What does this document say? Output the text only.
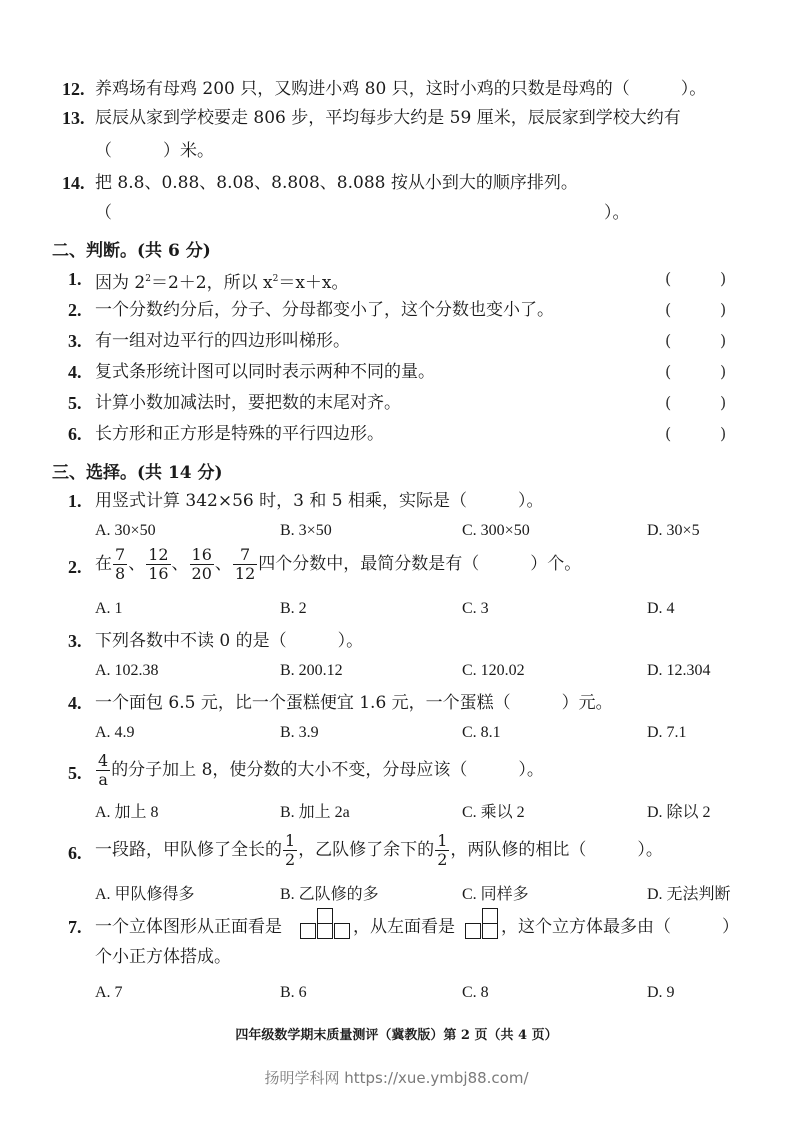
12. 养鸡场有母鸡 200 只，又购进小鸡 80 只，这时小鸡的只数是母鸡的（　　　）。
13. 辰辰从家到学校要走 806 步，平均每步大约是 59 厘米，辰辰家到学校大约有
（　　　）米。
14. 把 8.8、0.88、8.08、8.808、8.088 按从小到大的顺序排列。
（	）。
二、判断。(共 6 分)
1. 因为 $2^2=2+2$，所以 $x^2=x+x$。	(	)
2. 一个分数约分后，分子、分母都变小了，这个分数也变小了。	(	)
3. 有一组对边平行的四边形叫梯形。	(	)
4. 复式条形统计图可以同时表示两种不同的量。	(	)
5. 计算小数加减法时，要把数的末尾对齐。	(	)
6. 长方形和正方形是特殊的平行四边形。	(	)
三、选择。(共 14 分)
1. 用竖式计算 342×56 时，3 和 5 相乘，实际是（　　　）。
A. 30×50	B. 3×50	C. 300×50	D. 30×5
2. 在 $\frac{7}{8}$ 、 $\frac{12}{16}$ 、 $\frac{16}{20}$ 、 $\frac{7}{12}$ 四个分数中，最简分数是有（　　　）个。
A. 1	B. 2	C. 3	D. 4
3. 下列各数中不读 0 的是（　　　）。
A. 102.38	B. 200.12	C. 120.02	D. 12.304
4. 一个面包 6.5 元，比一个蛋糕便宜 1.6 元，一个蛋糕（　　　）元。
A. 4.9	B. 3.9	C. 8.1	D. 7.1
5. $\frac{4}{a}$ 的分子加上 8，使分数的大小不变，分母应该（　　　）。
A. 加上 8	B. 加上 2a	C. 乘以 2	D. 除以 2
6. 一段路，甲队修了全长的 $\frac{1}{2}$ ，乙队修了余下的 $\frac{1}{2}$ ，两队修的相比（　　　）。
A. 甲队修得多	B. 乙队修的多	C. 同样多	D. 无法判断
7. 一个立体图形从正面看是	，从左面看是	，这个立方体最多由（　　　）
个小正方体搭成。
A. 7	B. 6	C. 8	D. 9
四年级数学期末质量测评（冀教版）第 2 页（共 4 页）
扬明学科网 https://xue.ymbj88.com/
